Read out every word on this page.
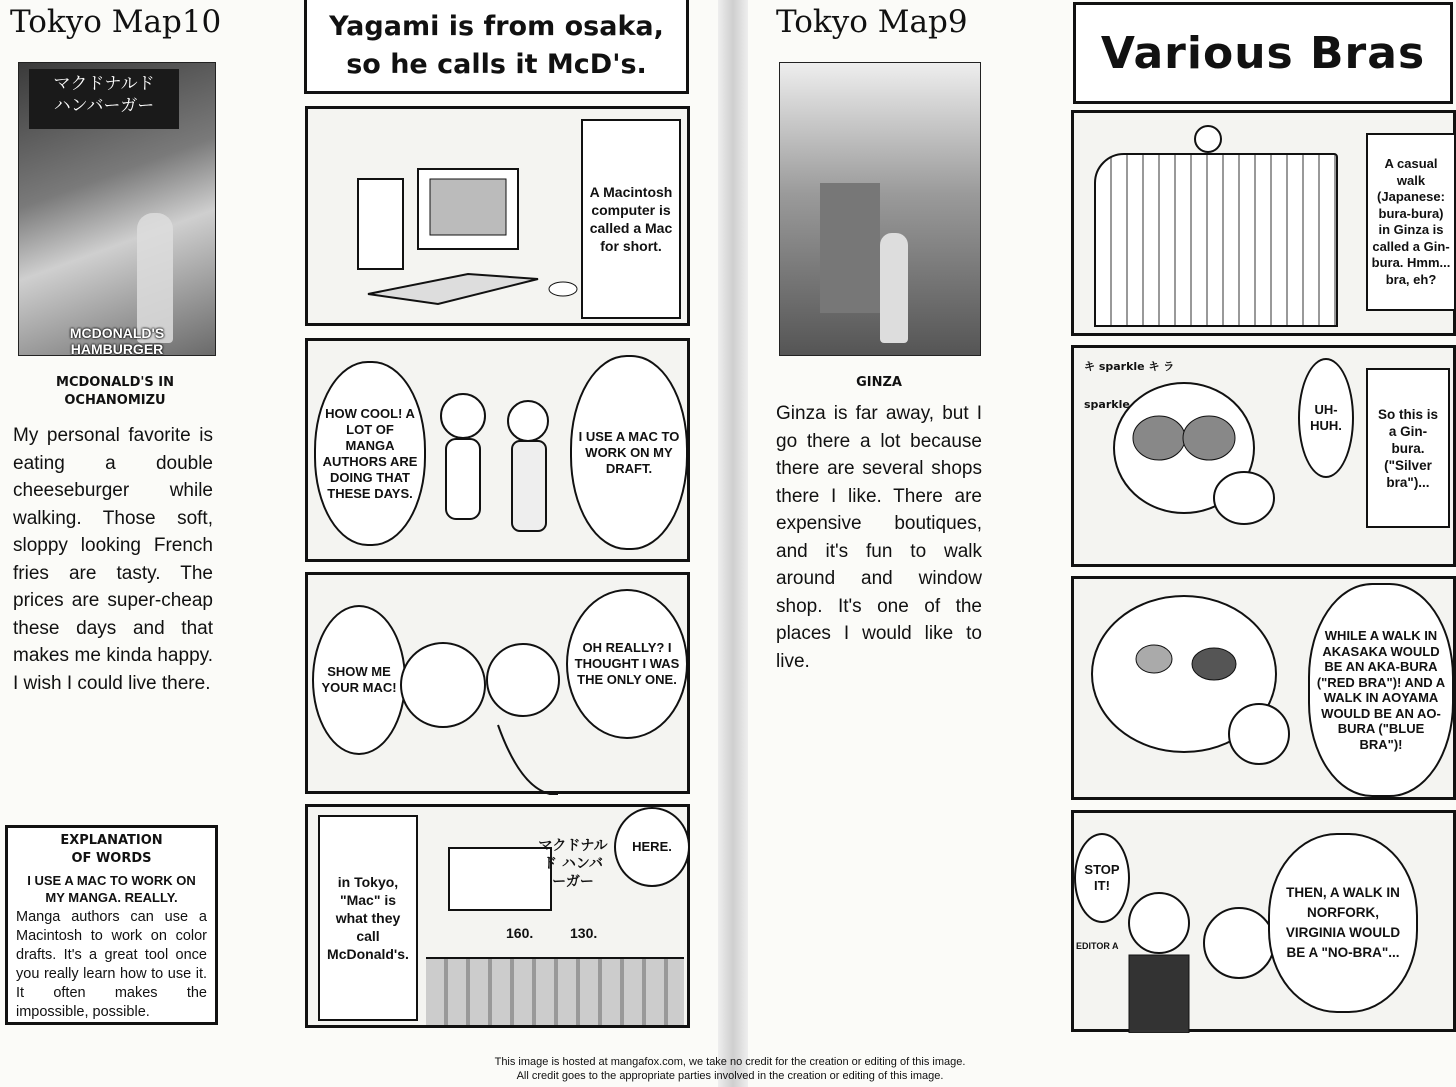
Tokyo Map10
マクドナルド
ハンバーガー
MCDONALD'S HAMBURGER
MCDONALD'S IN OCHANOMIZU
My personal favorite is eating a double cheeseburger while walking. Those soft, sloppy looking French fries are tasty. The prices are super-cheap these days and that makes me kinda happy. I wish I could live there.
EXPLANATION OF WORDS
I USE A MAC TO WORK ON MY MANGA. REALLY.
Manga authors can use a Macintosh to work on color drafts. It's a great tool once you really learn how to use it. It often makes the impossible, possible.
Yagami is from osaka, so he calls it McD's.
A Macintosh computer is called a Mac for short.
HOW COOL! A LOT OF MANGA AUTHORS ARE DOING THAT THESE DAYS.
I USE A MAC TO WORK ON MY DRAFT.
SHOW ME YOUR MAC!
OH REALLY? I THOUGHT I WAS THE ONLY ONE.
in Tokyo, "Mac" is what they call McDonald's.
マクドナルド ハンバーガー
160.	130.
HERE.
Tokyo Map9
GINZA
Ginza is far away, but I go there a lot because there are several shops there I like. There are expensive boutiques, and it's fun to walk around and window shop. It's one of the places I would like to live.
Various Bras
A casual walk (Japanese: bura-bura) in Ginza is called a Gin-bura. Hmm... bra, eh?
キ sparkle キ ラ
sparkle	UH-HUH.
So this is a Gin-bura. ("Silver bra")...
WHILE A WALK IN AKASAKA WOULD BE AN AKA-BURA ("RED BRA")! AND A WALK IN AOYAMA WOULD BE AN AO-BURA ("BLUE BRA")!
STOP IT!
EDITOR A
THEN, A WALK IN NORFORK, VIRGINIA WOULD BE A "NO-BRA"...
This image is hosted at mangafox.com, we take no credit for the creation or editing of this image.
All credit goes to the appropriate parties involved in the creation or editing of this image.
